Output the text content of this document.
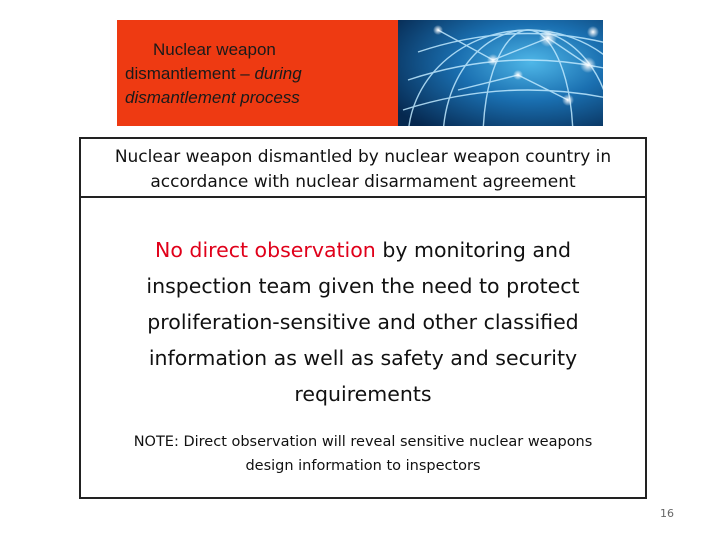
Nuclear weapon
dismantlement – during
dismantlement process
Nuclear weapon dismantled by nuclear weapon country in
accordance with nuclear disarmament agreement
No direct observation by monitoring and
inspection team given the need to protect
proliferation-sensitive and other classified
information as well as safety and security
requirements
NOTE: Direct observation will reveal sensitive nuclear weapons
design information to inspectors
16
